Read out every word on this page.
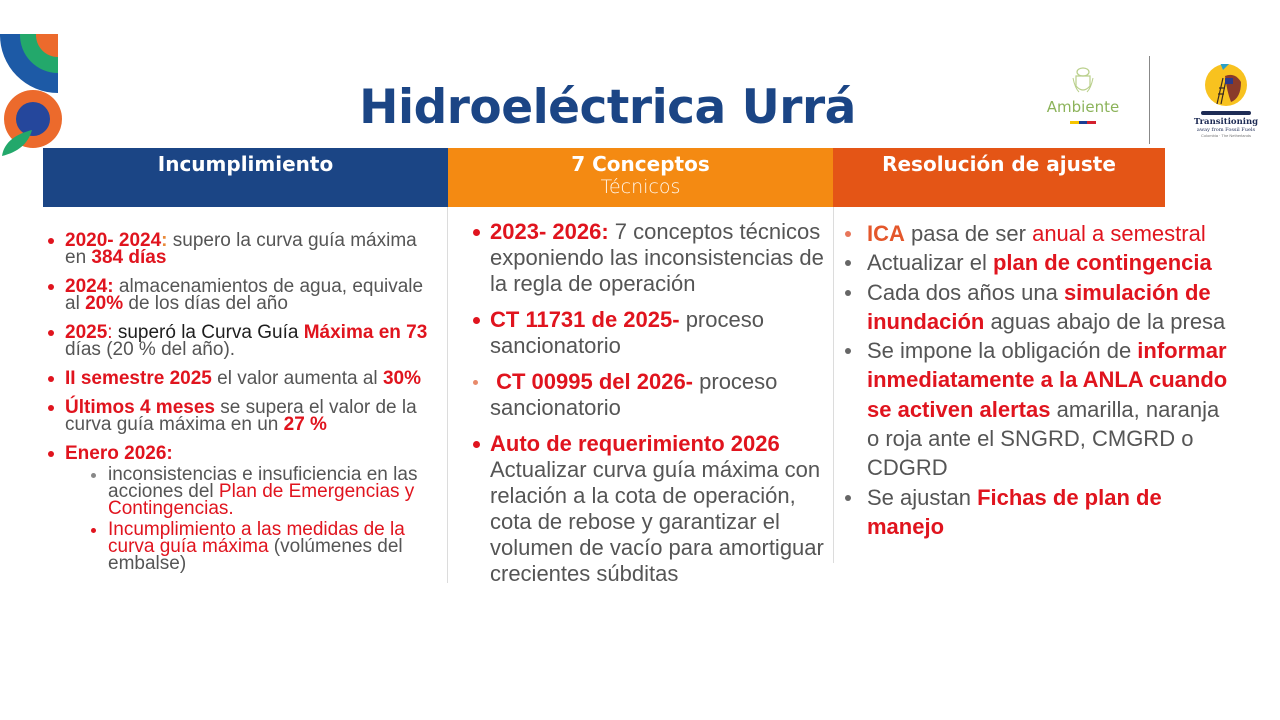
Hidroeléctrica Urrá	Ambiente
Transitioning
away from Fossil Fuels
Colombia · The Netherlands
Incumplimiento	7 Conceptos
Técnicos
Resolución de ajuste
2020- 2024: supero la curva guía máxima en 384 días
2024: almacenamientos de agua, equivale al 20% de los días del año
2025: superó la Curva Guía Máxima en 73 días (20 % del año).
II semestre 2025 el valor aumenta al 30%
Últimos 4 meses se supera el valor de la curva guía máxima en un 27 %
Enero 2026:
inconsistencias e insuficiencia en las acciones del Plan de Emergencias y Contingencias.
Incumplimiento a las medidas de la curva guía máxima (volúmenes del embalse)
2023- 2026: 7 conceptos técnicos exponiendo las inconsistencias de la regla de operación
CT 11731 de 2025- proceso sancionatorio
CT 00995 del 2026- proceso sancionatorio
Auto de requerimiento 2026 Actualizar curva guía máxima con relación a la cota de operación, cota de rebose y garantizar el volumen de vacío para amortiguar crecientes súbditas
ICA pasa de ser anual a semestral
Actualizar el plan de contingencia
Cada dos años una simulación de inundación aguas abajo de la presa
Se impone la obligación de informar inmediatamente a la ANLA cuando se activen alertas amarilla, naranja o roja ante el SNGRD, CMGRD o CDGRD
Se ajustan Fichas de plan de manejo
